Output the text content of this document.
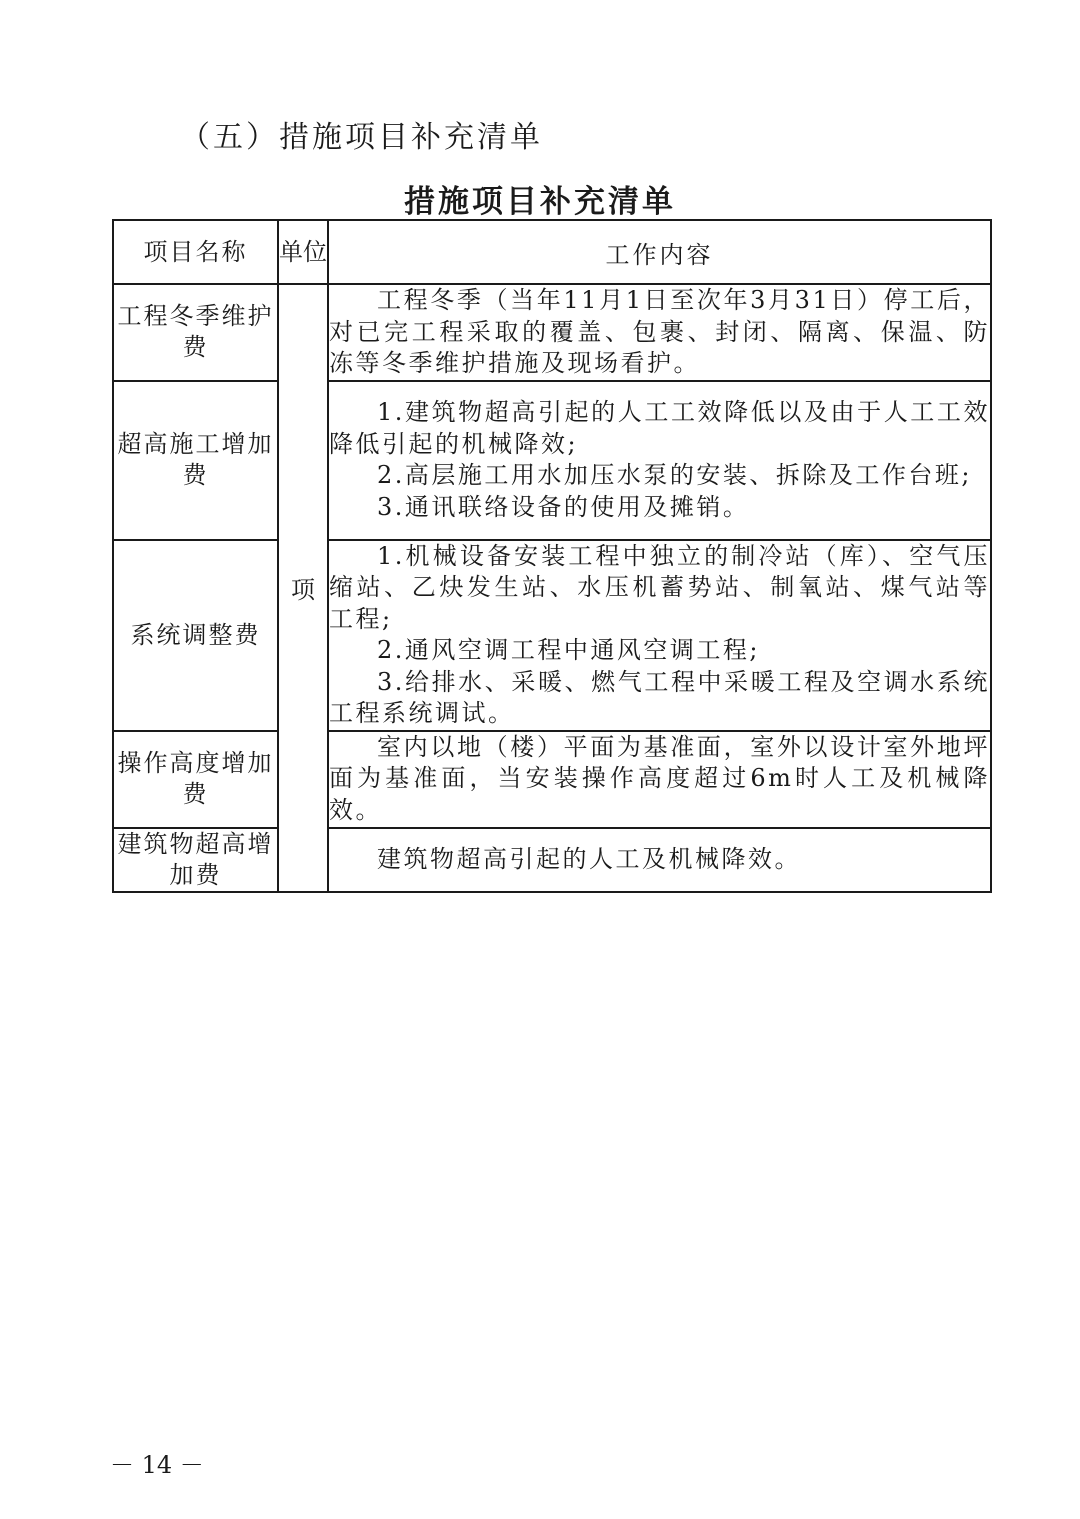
（五）措施项目补充清单
措施项目补充清单
项目名称	单位	工作内容
工程冬季维护费	项	工程冬季（当年11月1日至次年3月31日）停工后，对已完工程采取的覆盖、包裹、封闭、隔离、保温、防冻等冬季维护措施及现场看护。

超高施工增加费		1.建筑物超高引起的人工工效降低以及由于人工工效降低引起的机械降效;

2.高层施工用水加压水泵的安装、拆除及工作台班;

3.通讯联络设备的使用及摊销。

系统调整费		1.机械设备安装工程中独立的制冷站（库）、空气压缩站、乙炔发生站、水压机蓄势站、制氧站、煤气站等工程;

2.通风空调工程中通风空调工程;

3.给排水、采暖、燃气工程中采暖工程及空调水系统工程系统调试。

操作高度增加费		室内以地（楼）平面为基准面，室外以设计室外地坪面为基准面，当安装操作高度超过6m时人工及机械降效。

建筑物超高增加费		建筑物超高引起的人工及机械降效。

－ 14 －
